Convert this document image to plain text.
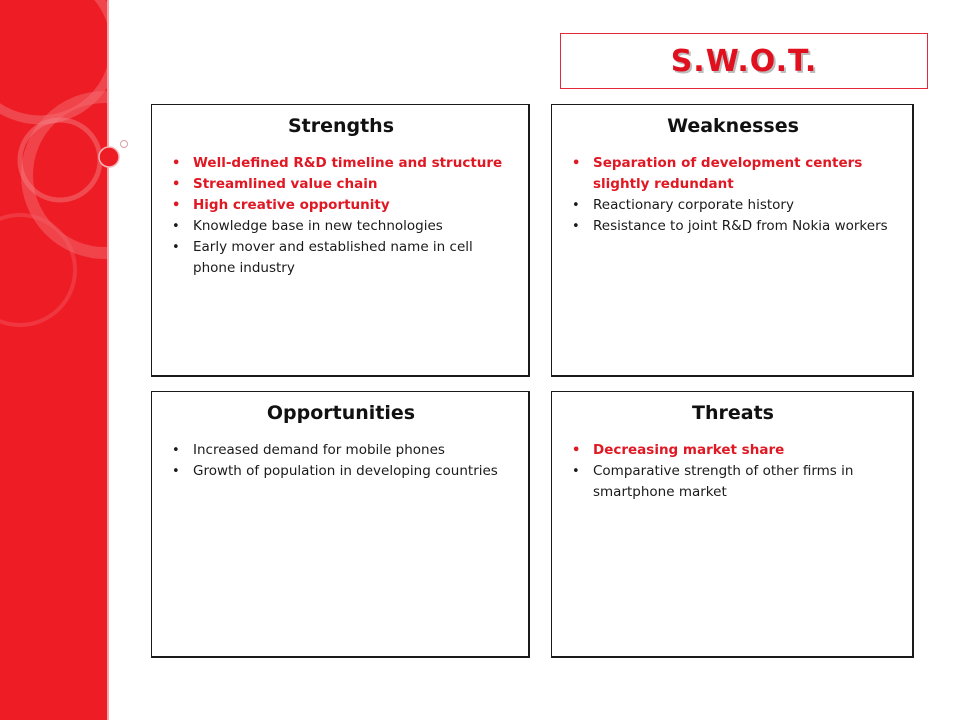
S.W.O.T.
Strengths
• Well-defined R&D timeline and structure
• Streamlined value chain
• High creative opportunity
• Knowledge base in new technologies
• Early mover and established name in cell phone industry
Weaknesses
• Separation of development centers slightly redundant
• Reactionary corporate history
• Resistance to joint R&D from Nokia workers
Opportunities
• Increased demand for mobile phones
• Growth of population in developing countries
Threats
• Decreasing market share
• Comparative strength of other firms in smartphone market
